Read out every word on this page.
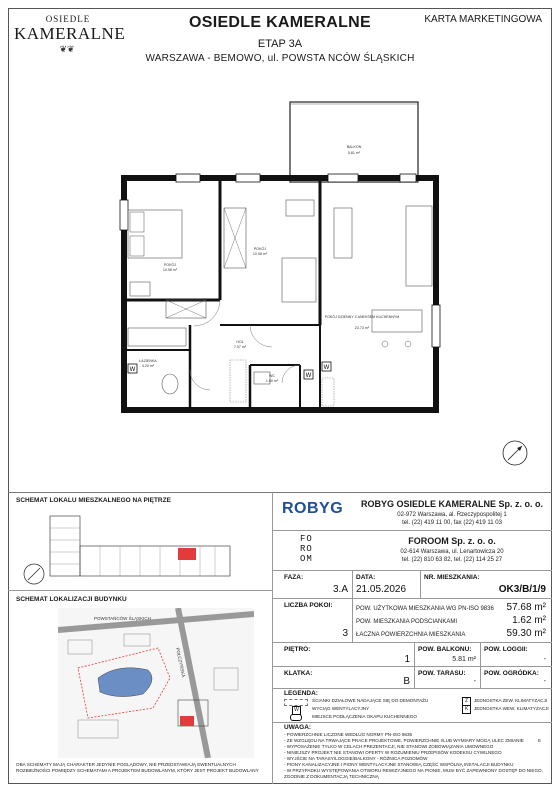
OSIEDLE
KAMERALNE
❦❦
OSIEDLE KAMERALNE
ETAP 3A
WARSZAWA - BEMOWO, ul. POWSTA NCÓW ŚLĄSKICH
KARTA MARKETINGOWA
BALKON
5.81 m²
POKÓJ
10.98 m²
POKÓJ
10.08 m²
POKÓJ DZIENNY Z ANEKSEM KUCHENNYM
23.73 m²
HOL
7.07 m²
ŁAZIENKA
4.20 m²
WC
1.60 m²
W
W
W
SCHEMAT LOKALU MIESZKALNEGO NA PIĘTRZE
SCHEMAT LOKALIZACJI BUDYNKU
POWSTAŃCÓW ŚLĄSKICH
POŁCZYŃSKA
OBA SCHEMATY MAJĄ CHARAKTER JEDYNIE POGLĄDOWY, NIE PRZEDSTAWIAJĄ EWENTUALNYCH ROZBIEŻNOŚCI POMIĘDZY SCHEMATAMI A PROJEKTEM BUDOWLANYM, KTÓRY JEST PROJEKT BUDOWLANY
ROBYG	ROBYG OSIEDLE KAMERALNE Sp. z. o. o.
02-972 Warszawa, al. Rzeczypospolitej 1
tel. (22) 419 11 00, fax (22) 419 11 03
FO
RO
OM
FOROOM Sp. z. o. o.
02-614 Warszawa, ul. Lenartowicza 20
tel. (22) 810 63 82, tel. (22) 114 25 27
FAZA:
3.A
DATA:
21.05.2026
NR. MIESZKANIA:
OK3/B/1/9
LICZBA POKOI:
3
POW. UŻYTKOWA MIESZKANIA WG PN-ISO 9836	57.68 m²
POW. MIESZKANIA PODSCIANKAMI	1.62 m²
ŁACZNA POWIERZCHNIA MIESZKANIA	59.30 m²
PIĘTRO:
1
POW. BALKONU:
5.81 m²
POW. LOGGII:
-
KLATKA:
B
POW. TARASU:
-
POW. OGRÓDKA:
-
LEGENDA:
ŚCIANKI DZIAŁOWE NADAJĄCE SIĘ DO DEMONTAŻU
W	WYCIĄG WENTYLACYJNY
MIEJSCE PODŁĄCZENIA OKAPU KUCHENNEGO
Z	JEDNOSTKA ZEW. KLIMATYZACJI
K	JEDNOSTKA WEW. KLIMATYZACJI
UWAGA:
- POWIERZCHNIE LICZONE WEDŁUG NORMY PN-ISO 9836
- ZE WZGLĘDU NA TRWAJĄCE PRACE PROJEKTOWE, POWIERZCHNIE I/LUB WYMIARY MOGĄ ULEC ZMIANIE
- WYPOSAŻENIE TYLKO W CELACH PREZENTACJI, NIE STANOWI ZOBOWIĄZANIA UMOWNEGO
- NINIEJSZY PROJEKT NIE STANOWI OFERTY W ROZUMIENIU PRZEPISÓW KODEKSU CYWILNEGO
- WYJŚCIE NA TARASY/LOGGIE/BALKONY - RÓŻNICA POZIOMÓW
- PIONY KANALIZACYJNE I PIONY WENTYLACYJNE STANOWIĄ CZĘŚĆ WSPÓLNĄ INSTALACJI BUDYNKU
- W PRZYPADKU WYSTĘPOWANIA OTWORU REWIZYJNEGO NA PIONIE, MUSI BYĆ ZAPEWNIONY DOSTĘP DO NIEGO, ZGODNIE Z DOKUMENTACJĄ TECHNICZNĄ
E
